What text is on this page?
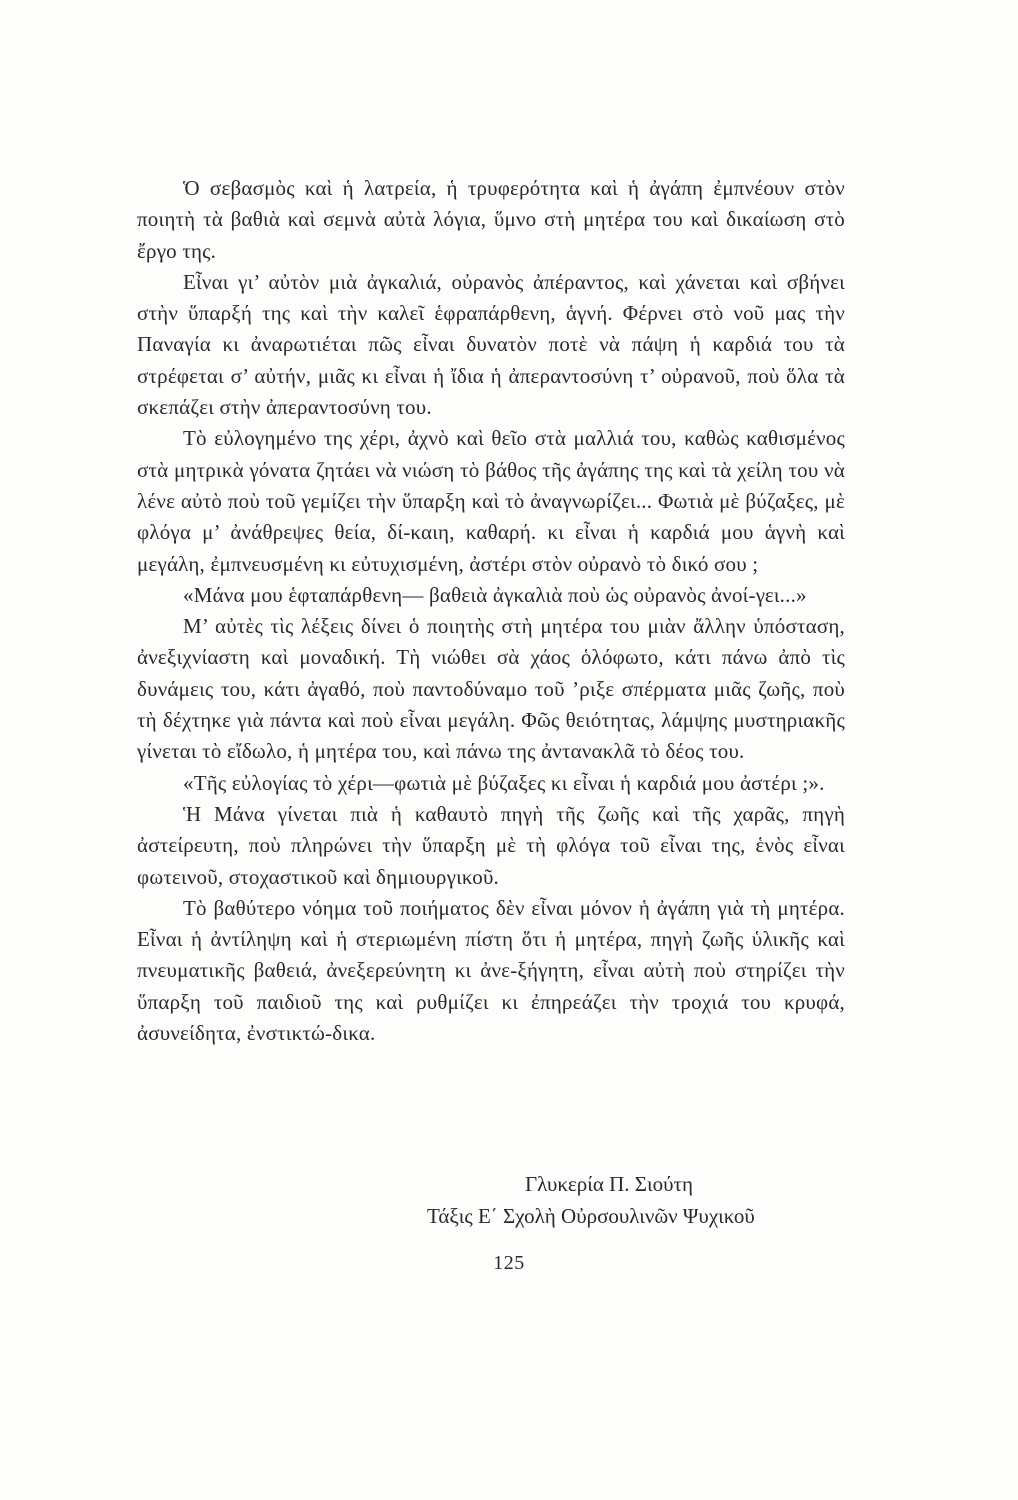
Ὁ σεβασμὸς καὶ ἡ λατρεία, ἡ τρυφερότητα καὶ ἡ ἀγάπη ἐμπνέουν στὸν ποιητὴ τὰ βαθιὰ καὶ σεμνὰ αὐτὰ λόγια, ὕμνο στὴ μητέρα του καὶ δικαίωση στὸ ἔργο της.

Εἶναι γι’ αὐτὸν μιὰ ἀγκαλιά, οὐρανὸς ἀπέραντος, καὶ χάνεται καὶ σβήνει στὴν ὕπαρξή της καὶ τὴν καλεῖ ἑφραπάρθενη, ἁγνή. Φέρνει στὸ νοῦ μας τὴν Παναγία κι ἀναρωτιέται πῶς εἶναι δυνατὸν ποτὲ νὰ πάψη ἡ καρδιά του τὰ στρέφεται σ’ αὐτήν, μιᾶς κι εἶναι ἡ ἴδια ἡ ἀπεραντοσύνη τ’ οὐρανοῦ, ποὺ ὅλα τὰ σκεπάζει στὴν ἀπεραντοσύνη του.

Τὸ εὐλογημένο της χέρι, ἀχνὸ καὶ θεῖο στὰ μαλλιά του, καθὼς καθισμένος στὰ μητρικὰ γόνατα ζητάει νὰ νιώση τὸ βάθος τῆς ἀγάπης της καὶ τὰ χείλη του νὰ λένε αὐτὸ ποὺ τοῦ γεμίζει τὴν ὕπαρξη καὶ τὸ ἀναγνωρίζει... Φωτιὰ μὲ βύζαξες, μὲ φλόγα μ’ ἀνάθρεψες θεία, δί-καιη, καθαρή. κι εἶναι ἡ καρδιά μου ἁγνὴ καὶ μεγάλη, ἐμπνευσμένη κι εὐτυχισμένη, ἀστέρι στὸν οὐρανὸ τὸ δικό σου ;

«Μάνα μου ἑφταπάρθενη— βαθειὰ ἀγκαλιὰ ποὺ ὡς οὐρανὸς ἀνοί-γει...»

Μ’ αὐτὲς τὶς λέξεις δίνει ὁ ποιητὴς στὴ μητέρα του μιὰν ἄλλην ὑπόσταση, ἀνεξιχνίαστη καὶ μοναδική. Τὴ νιώθει σὰ χάος ὁλόφωτο, κάτι πάνω ἀπὸ τὶς δυνάμεις του, κάτι ἀγαθό, ποὺ παντοδύναμο τοῦ ’ριξε σπέρματα μιᾶς ζωῆς, ποὺ τὴ δέχτηκε γιὰ πάντα καὶ ποὺ εἶναι μεγάλη. Φῶς θειότητας, λάμψης μυστηριακῆς γίνεται τὸ εἴδωλο, ἡ μητέρα του, καὶ πάνω της ἀντανακλᾶ τὸ δέος του.

«Τῆς εὐλογίας τὸ χέρι—φωτιὰ μὲ βύζαξες κι εἶναι ἡ καρδιά μου ἀστέρι ;».

Ἡ Μάνα γίνεται πιὰ ἡ καθαυτὸ πηγὴ τῆς ζωῆς καὶ τῆς χαρᾶς, πηγὴ ἀστείρευτη, ποὺ πληρώνει τὴν ὕπαρξη μὲ τὴ φλόγα τοῦ εἶναι της, ἑνὸς εἶναι φωτεινοῦ, στοχαστικοῦ καὶ δημιουργικοῦ.

Τὸ βαθύτερο νόημα τοῦ ποιήματος δὲν εἶναι μόνον ἡ ἀγάπη γιὰ τὴ μητέρα. Εἶναι ἡ ἀντίληψη καὶ ἡ στεριωμένη πίστη ὅτι ἡ μητέρα, πηγὴ ζωῆς ὑλικῆς καὶ πνευματικῆς βαθειά, ἀνεξερεύνητη κι ἀνε-ξήγητη, εἶναι αὐτὴ ποὺ στηρίζει τὴν ὕπαρξη τοῦ παιδιοῦ της καὶ ρυθμίζει κι ἐπηρεάζει τὴν τροχιά του κρυφά, ἀσυνείδητα, ἐνστικτώ-δικα.

Γλυκερία Π. Σιούτη
Τάξις Ε΄ Σχολὴ Οὐρσουλινῶν Ψυχικοῦ
125
